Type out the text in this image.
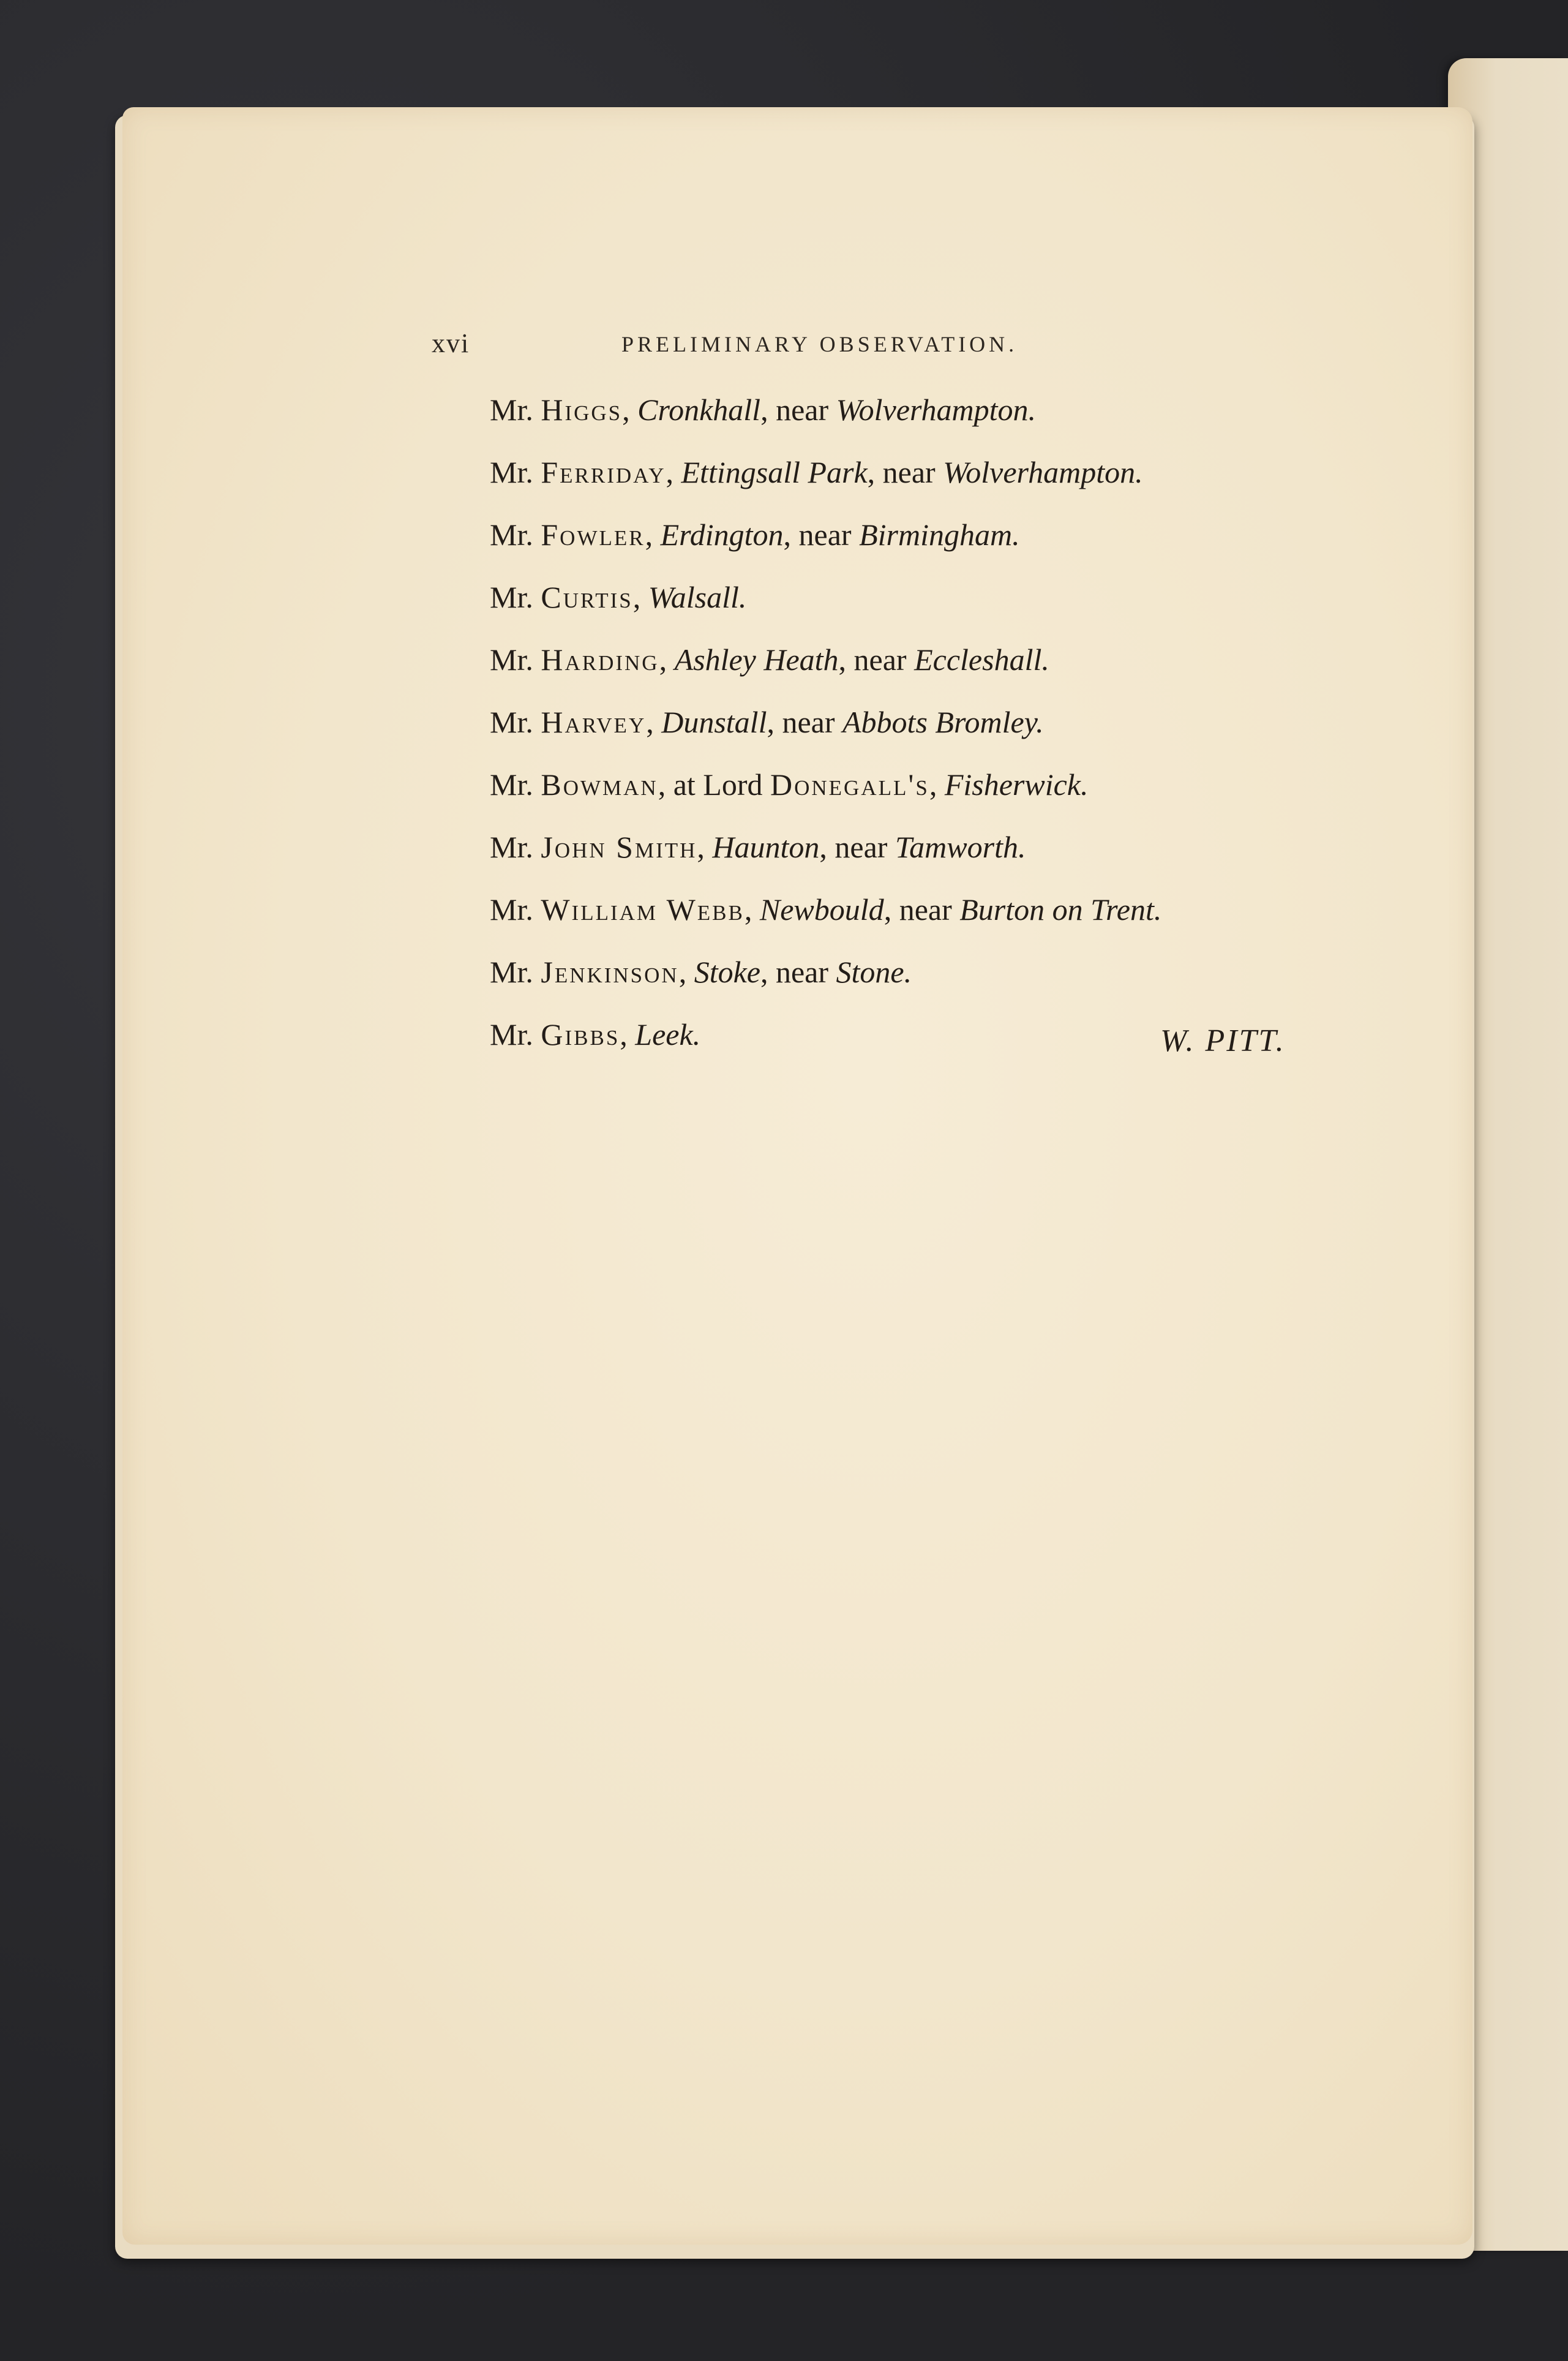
xvi	PRELIMINARY OBSERVATION.
Mr. Higgs, Cronkhall, near Wolverhampton.
Mr. Ferriday, Ettingsall Park, near Wolverhampton.
Mr. Fowler, Erdington, near Birmingham.
Mr. Curtis, Walsall.
Mr. Harding, Ashley Heath, near Eccleshall.
Mr. Harvey, Dunstall, near Abbots Bromley.
Mr. Bowman, at Lord Donegall's, Fisherwick.
Mr. John Smith, Haunton, near Tamworth.
Mr. William Webb, Newbould, near Burton on Trent.
Mr. Jenkinson, Stoke, near Stone.
Mr. Gibbs, Leek.	W. PITT.
